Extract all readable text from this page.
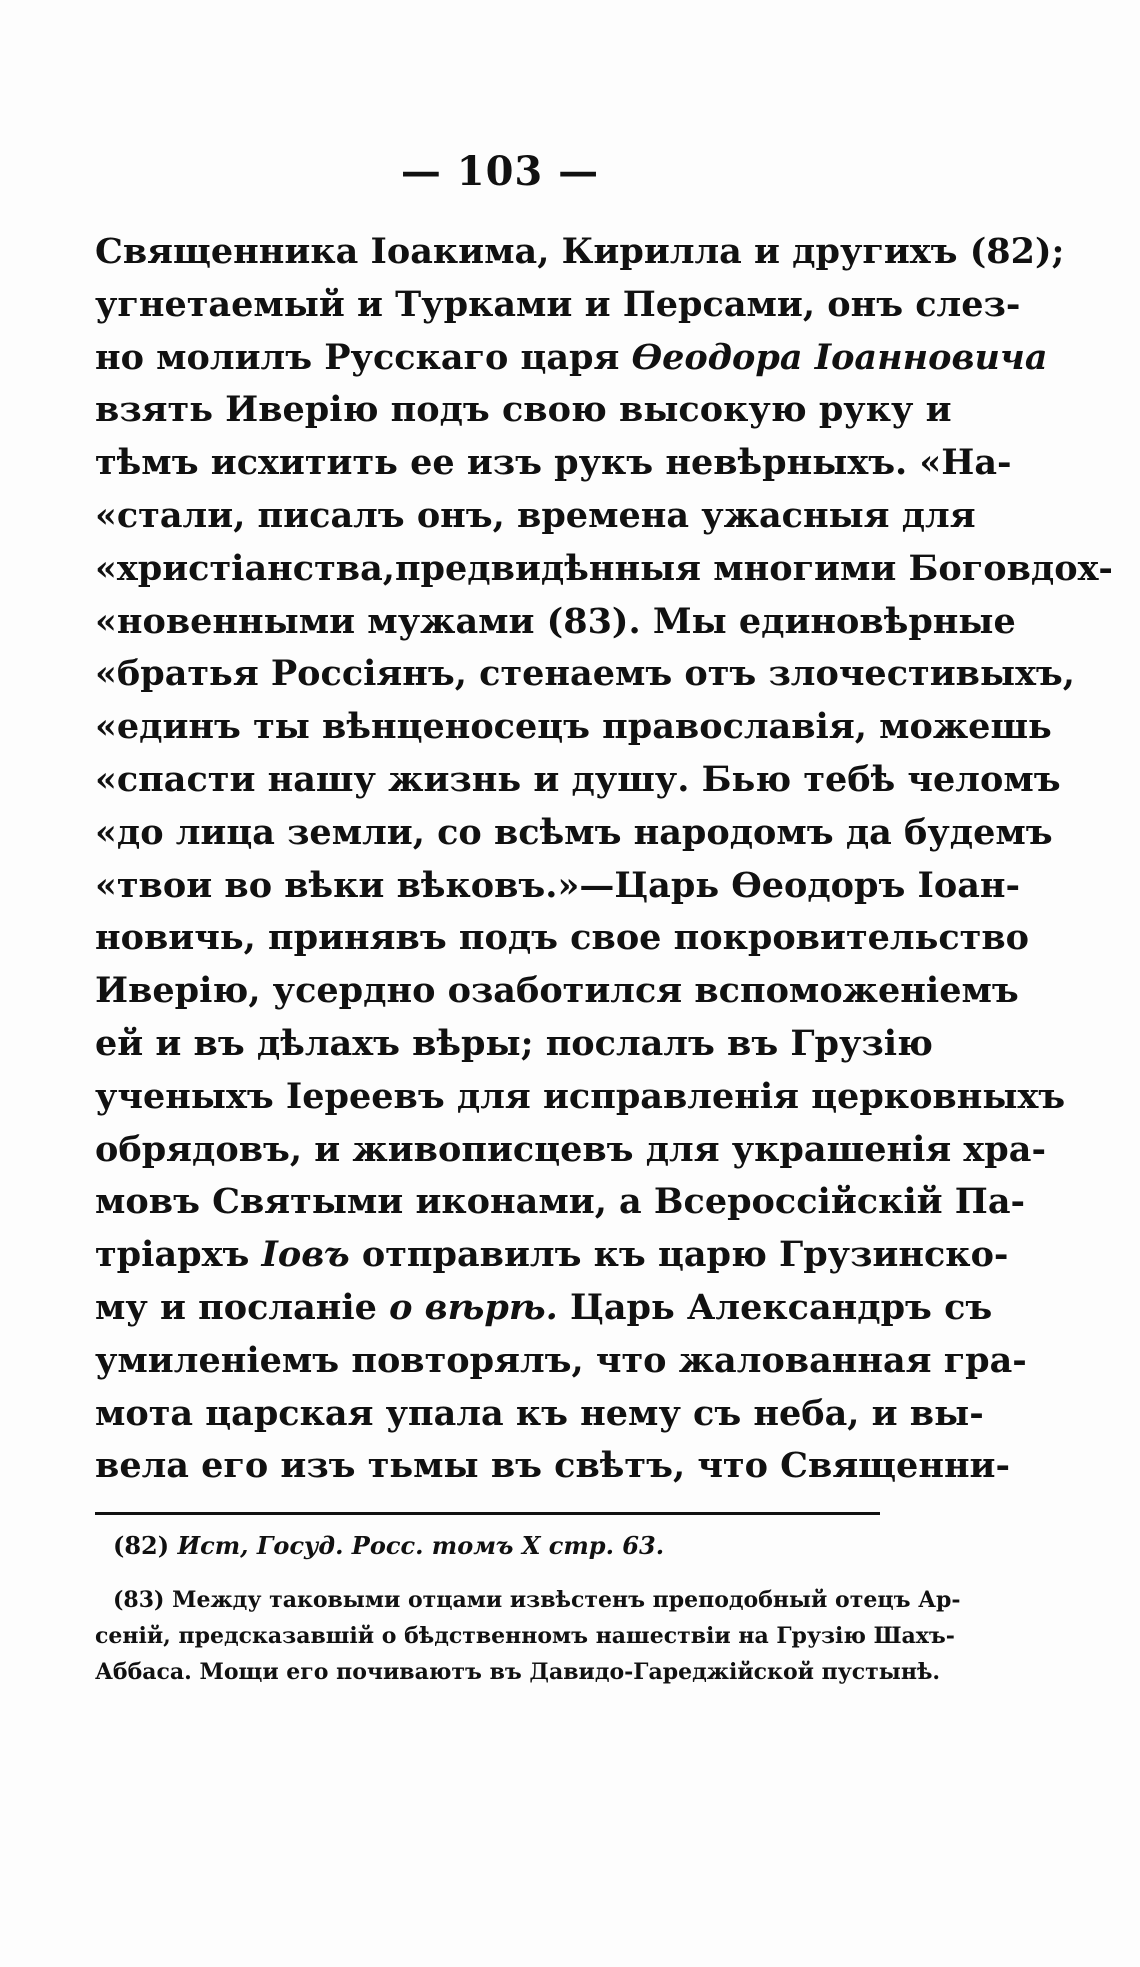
— 103 —
Священника Іоакима, Кирилла и другихъ (82);
угнетаемый и Турками и Персами, онъ слез-
но молилъ Русскаго царя Ѳеодора Іоанновича
взять Иверію подъ свою высокую руку и
тѣмъ исхитить ее изъ рукъ невѣрныхъ. «На-
«стали, писалъ онъ, времена ужасныя для
«христіанства,предвидѣнныя многими Боговдох-
«новенными мужами (83). Мы единовѣрные
«братья Россіянъ, стенаемъ отъ злочестивыхъ,
«единъ ты вѣнценосецъ православія, можешь
«спасти нашу жизнь и душу. Бью тебѣ челомъ
«до лица земли, со всѣмъ народомъ да будемъ
«твои во вѣки вѣковъ.»—Царь Ѳеодоръ Іоан-
новичь, принявъ подъ свое покровительство
Иверію, усердно озаботился вспоможеніемъ
ей и въ дѣлахъ вѣры; послалъ въ Грузію
ученыхъ Іереевъ для исправленія церковныхъ
обрядовъ, и живописцевъ для украшенія хра-
мовъ Святыми иконами, а Всероссійскій Па-
тріархъ Іовъ отправилъ къ царю Грузинско-
му и посланіе о вѣрѣ. Царь Александръ съ
умиленіемъ повторялъ, что жалованная гра-
мота царская упала къ нему съ неба, и вы-
вела его изъ тьмы въ свѣтъ, что Священни-
(82) Ист, Госуд. Росс. томъ X стр. 63.
(83) Между таковыми отцами извѣстенъ преподобный отецъ Ар-
сеній, предсказавшій о бѣдственномъ нашествіи на Грузію Шахъ-
Аббаса. Мощи его почиваютъ въ Давидо-Гареджійской пустынѣ.
